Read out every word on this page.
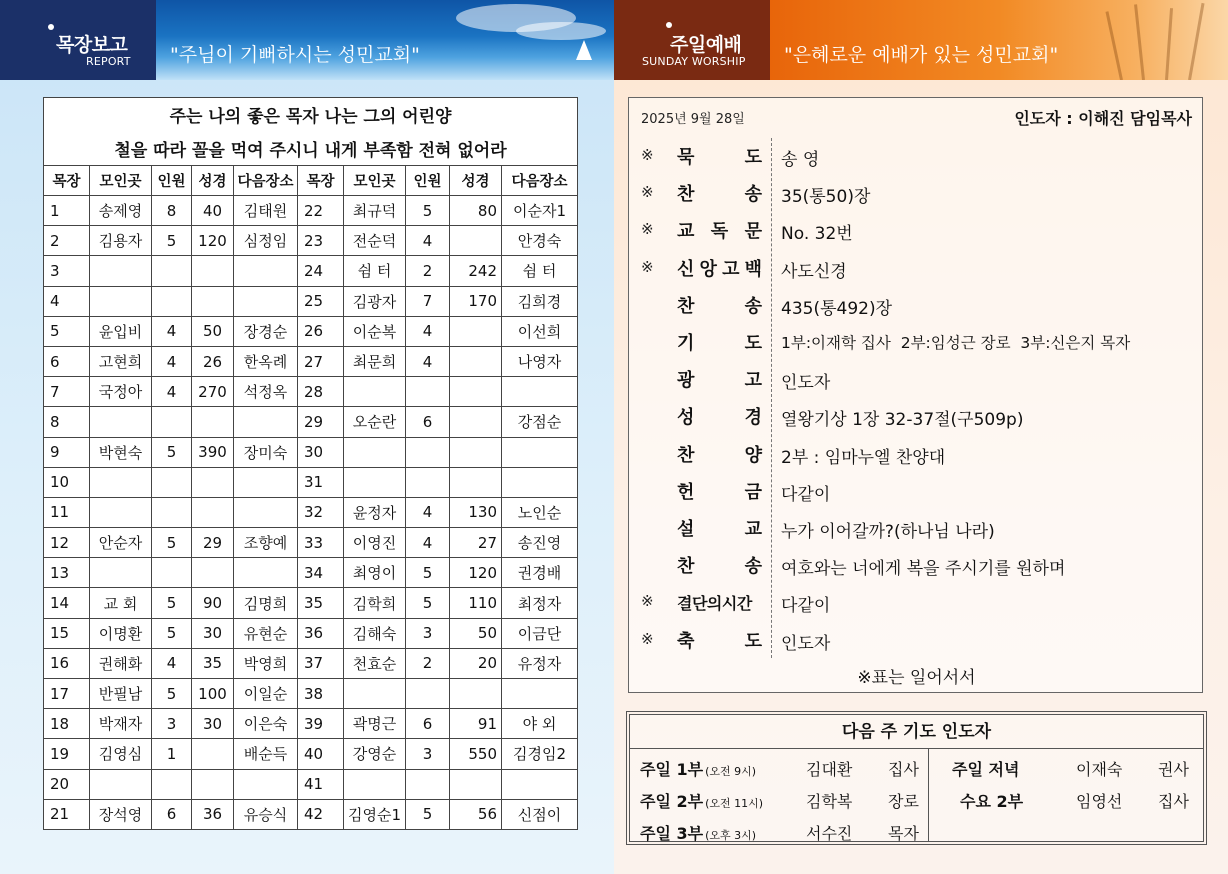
목장보고
REPORT "주님이 기뻐하시는 성민교회"	주일예배
SUNDAY WORSHIP "은혜로운 예배가 있는 성민교회"
주는 나의 좋은 목자 나는 그의 어린양									
철을 따라 꼴을 먹여 주시니 내게 부족함 전혀 없어라									
목장	모인곳	인원	성경	다음장소	목장	모인곳	인원	성경	다음장소
1	송제영	8	40	김태원	22	최규덕	5	80	이순자1
2	김용자	5	120	심정임	23	전순덕	4		안경숙
3					24	쉼 터	2	242	쉼 터
4					25	김광자	7	170	김희경
5	윤입비	4	50	장경순	26	이순복	4		이선희
6	고현희	4	26	한옥례	27	최문희	4		나영자
7	국정아	4	270	석정옥	28				
8					29	오순란	6		강점순
9	박현숙	5	390	장미숙	30				
10					31				
11					32	윤정자	4	130	노인순
12	안순자	5	29	조향예	33	이영진	4	27	송진영
13					34	최영이	5	120	권경배
14	교 회	5	90	김명희	35	김학희	5	110	최정자
15	이명환	5	30	유현순	36	김해숙	3	50	이금단
16	권해화	4	35	박영희	37	천효순	2	20	유정자
17	반필남	5	100	이일순	38				
18	박재자	3	30	이은숙	39	곽명근	6	91	야 외
19	김영심	1		배순득	40	강영순	3	550	김경임2
20					41				
21	장석영	6	36	유승식	42	김영순1	5	56	신점이
2025년 9월 28일	인도자 : 이해진 담임목사
※ 묵	도 송 영
※ 찬	송 35(통50)장
※ 교 독 문 No. 32번
※ 신 앙 고 백 사도신경
찬	송 435(통492)장
기	도 1부:이재학 집사  2부:임성근 장로  3부:신은지 목자
광	고 인도자
성	경 열왕기상 1장 32-37절(구509p)
찬	양 2부 : 임마누엘 찬양대
헌	금 다같이
설	교 누가 이어갈까?(하나님 나라)
찬	송 여호와는 너에게 복을 주시기를 원하며
※ 결단의시간	다같이
※ 축	도 인도자
※표는 일어서서
다음 주 기도 인도자
주일 1부 (오전 9시)	김대환 집사
주일 2부 (오전 11시)	김학복 장로
주일 3부 (오후 3시)	서수진 목자
주일 저녁	이재숙 권사
수요 2부	임영선 집사
